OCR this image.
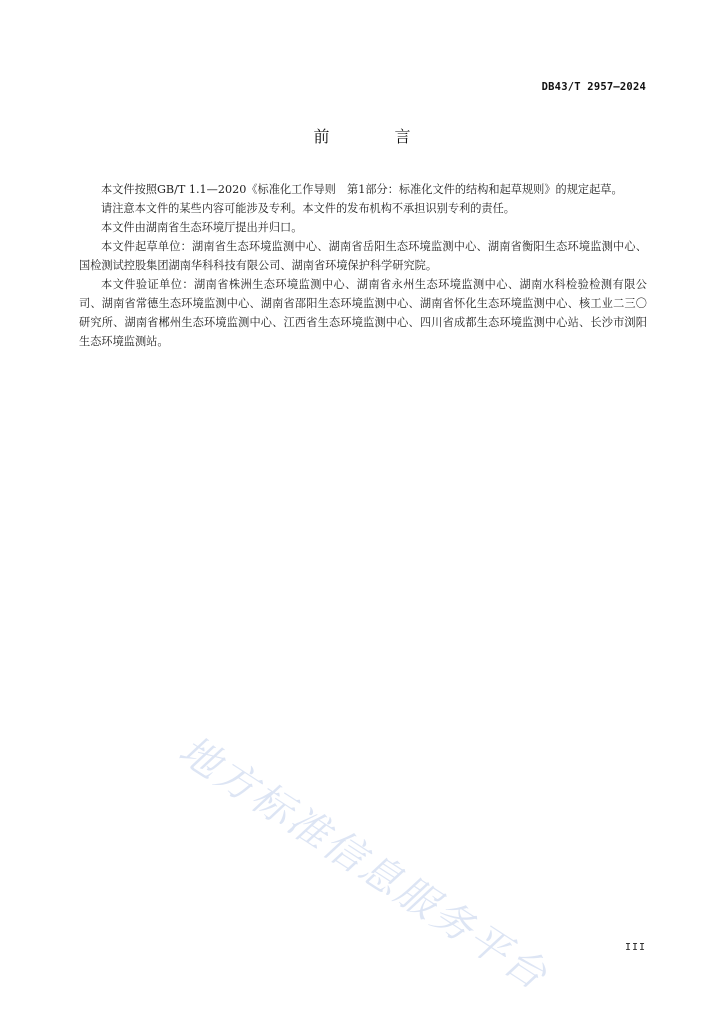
DB43/T 2957—2024
前 言

本文件按照GB/T 1.1—2020《标准化工作导则　第1部分：标准化文件的结构和起草规则》的规定起草。

请注意本文件的某些内容可能涉及专利。本文件的发布机构不承担识别专利的责任。

本文件由湖南省生态环境厅提出并归口。

本文件起草单位：湖南省生态环境监测中心、湖南省岳阳生态环境监测中心、湖南省衡阳生态环境监测中心、国检测试控股集团湖南华科科技有限公司、湖南省环境保护科学研究院。

本文件验证单位：湖南省株洲生态环境监测中心、湖南省永州生态环境监测中心、湖南水科检验检测有限公司、湖南省常德生态环境监测中心、湖南省邵阳生态环境监测中心、湖南省怀化生态环境监测中心、核工业二三〇研究所、湖南省郴州生态环境监测中心、江西省生态环境监测中心、四川省成都生态环境监测中心站、长沙市浏阳生态环境监测站。

地方标准信息服务平台	III
